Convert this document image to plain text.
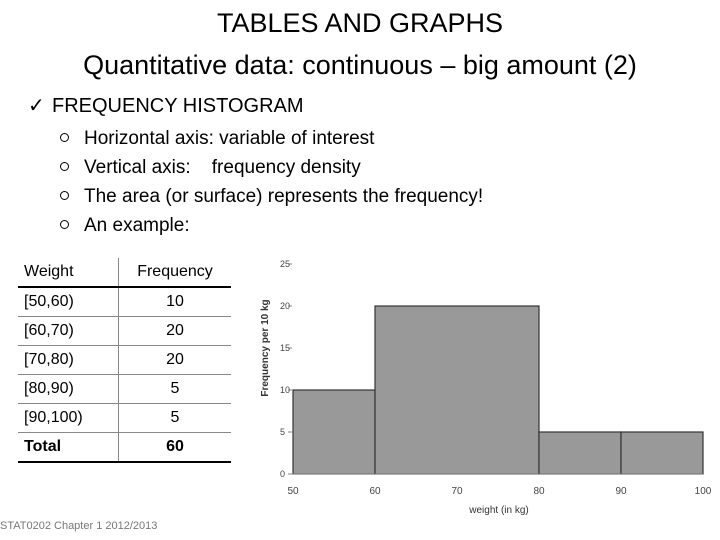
TABLES AND GRAPHS
Quantitative data: continuous – big amount (2)
✓ FREQUENCY HISTOGRAM
Horizontal axis: variable of interest
Vertical axis:    frequency density
The area (or surface) represents the frequency!
An example:
Weight	Frequency
[50,60)	10
[60,70)	20
[70,80)	20
[80,90)	5
[90,100)	5
Total	60
0
5
10
15
20
25
50	60	70	80	90	100
weight (in kg)
Frequency per 10 kg
STAT0202 Chapter 1 2012/2013
